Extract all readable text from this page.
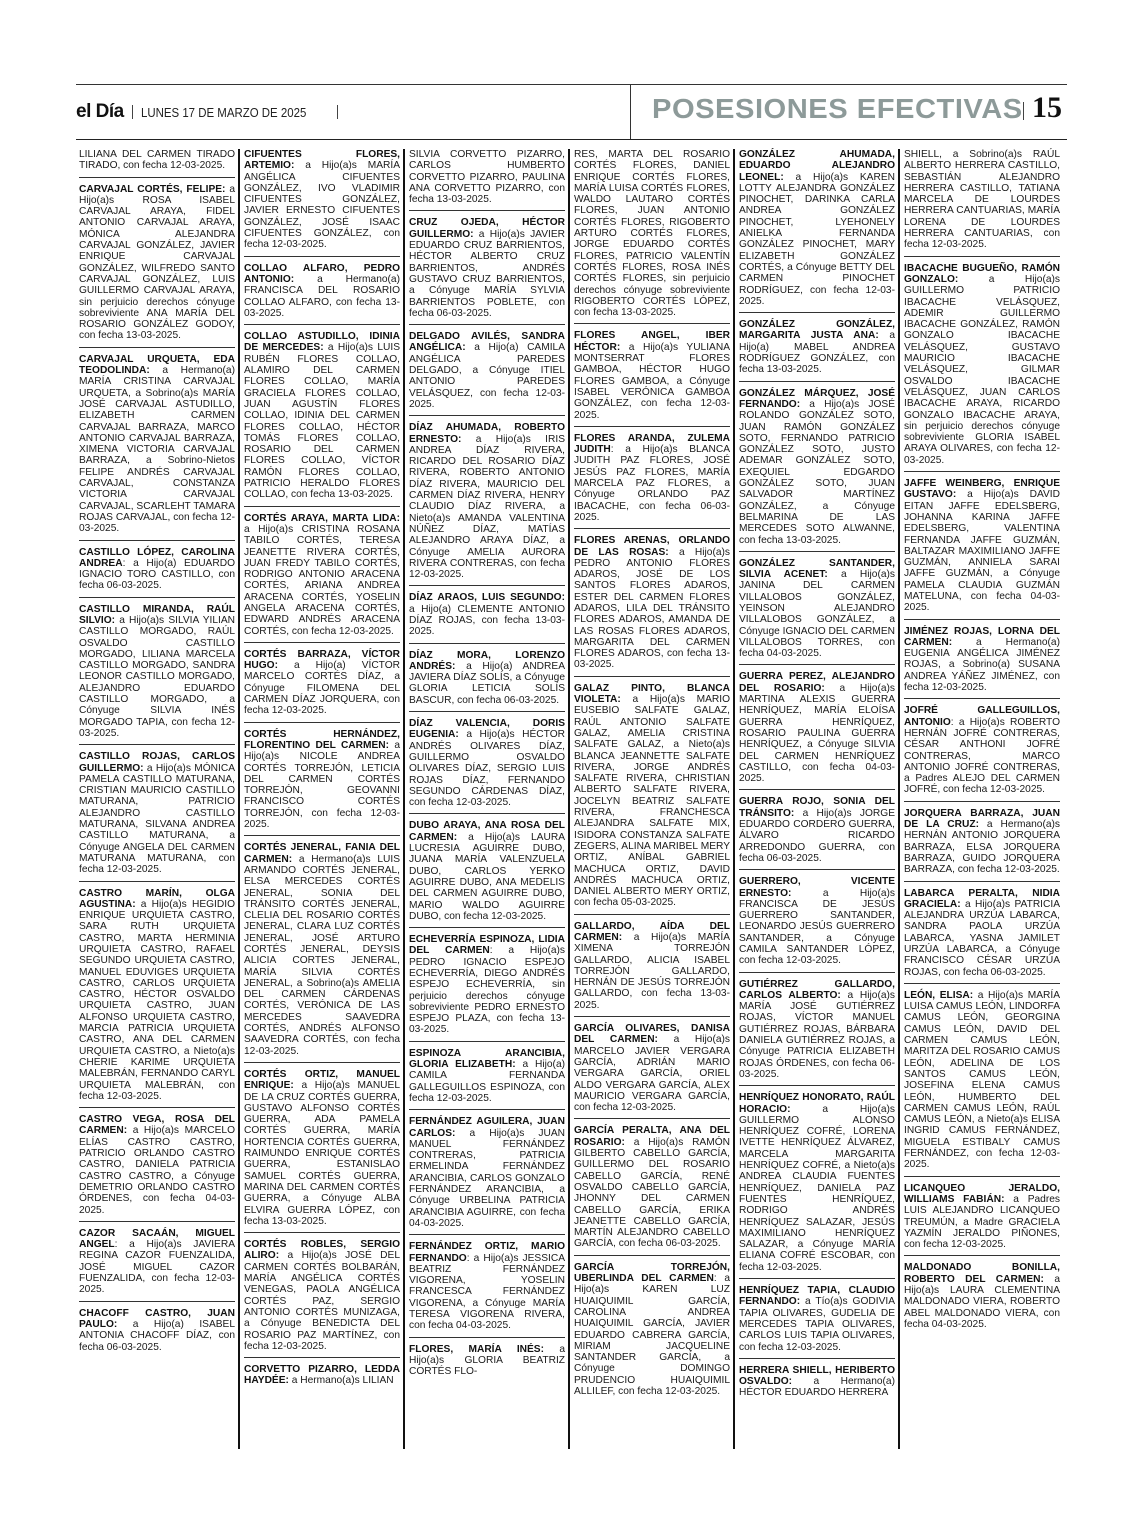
el Día LUNES 17 DE MARZO DE 2025	POSESIONES EFECTIVAS 15
LILIANA DEL CARMEN TIRADO TIRADO, con fecha 12-03-2025.
CARVAJAL CORTÉS, FELIPE: a Hijo(a)s ROSA ISABEL CARVAJAL ARAYA, FIDEL ANTONIO CARVAJAL ARAYA, MÓNICA ALEJANDRA CARVAJAL GONZÁLEZ, JAVIER ENRIQUE CARVAJAL GONZÁLEZ, WILFREDO SANTO CARVAJAL GONZÁLEZ, LUIS GUILLERMO CARVAJAL ARAYA, sin perjuicio derechos cónyuge sobreviviente ANA MARÍA DEL ROSARIO GONZÁLEZ GODOY, con fecha 13-03-2025.
CARVAJAL URQUETA, EDA TEODOLINDA: a Hermano(a) MARÍA CRISTINA CARVAJAL URQUETA, a Sobrino(a)s MARÍA JOSÉ CARVAJAL ASTUDILLO, ELIZABETH CARMEN CARVAJAL BARRAZA, MARCO ANTONIO CARVAJAL BARRAZA, XIMENA VICTORIA CARVAJAL BARRAZA, a Sobrino-Nietos FELIPE ANDRÉS CARVAJAL CARVAJAL, CONSTANZA VICTORIA CARVAJAL CARVAJAL, SCARLEHT TAMARA ROJAS CARVAJAL, con fecha 12-03-2025.
CASTILLO LÓPEZ, CAROLINA ANDREA: a Hijo(a) EDUARDO IGNACIO TORO CASTILLO, con fecha 06-03-2025.
CASTILLO MIRANDA, RAÚL SILVIO: a Hijo(a)s SILVIA YILIAN CASTILLO MORGADO, RAÚL OSVALDO CASTILLO MORGADO, LILIANA MARCELA CASTILLO MORGADO, SANDRA LEONOR CASTILLO MORGADO, ALEJANDRO EDUARDO CASTILLO MORGADO, a Cónyuge SILVIA INÉS MORGADO TAPIA, con fecha 12-03-2025.
CASTILLO ROJAS, CARLOS GUILLERMO: a Hijo(a)s MÓNICA PAMELA CASTILLO MATURANA, CRISTIAN MAURICIO CASTILLO MATURANA, PATRICIO ALEJANDRO CASTILLO MATURANA, SILVANA ANDREA CASTILLO MATURANA, a Cónyuge ANGELA DEL CARMEN MATURANA MATURANA, con fecha 12-03-2025.
CASTRO MARÍN, OLGA AGUSTINA: a Hijo(a)s HEGIDIO ENRIQUE URQUIETA CASTRO, SARA RUTH URQUIETA CASTRO, MARTA HERMINIA URQUIETA CASTRO, RAFAEL SEGUNDO URQUIETA CASTRO, MANUEL EDUVIGES URQUIETA CASTRO, CARLOS URQUIETA CASTRO, HÉCTOR OSVALDO URQUIETA CASTRO, JUAN ALFONSO URQUIETA CASTRO, MARCIA PATRICIA URQUIETA CASTRO, ANA DEL CARMEN URQUIETA CASTRO, a Nieto(a)s CHERIE KARIME URQUIETA MALEBRÁN, FERNANDO CARYL URQUIETA MALEBRÁN, con fecha 12-03-2025.
CASTRO VEGA, ROSA DEL CARMEN: a Hijo(a)s MARCELO ELÍAS CASTRO CASTRO, PATRICIO ORLANDO CASTRO CASTRO, DANIELA PATRICIA CASTRO CASTRO, a Cónyuge DEMETRIO ORLANDO CASTRO ÓRDENES, con fecha 04-03-2025.
CAZOR SACAÁN, MIGUEL ANGEL: a Hijo(a)s JAVIERA REGINA CAZOR FUENZALIDA, JOSÉ MIGUEL CAZOR FUENZALIDA, con fecha 12-03-2025.
CHACOFF CASTRO, JUAN PAULO: a Hijo(a) ISABEL ANTONIA CHACOFF DÍAZ, con fecha 06-03-2025.
CIFUENTES FLORES, ARTEMIO: a Hijo(a)s MARÍA ANGÉLICA CIFUENTES GONZÁLEZ, IVO VLADIMIR CIFUENTES GONZÁLEZ, JAVIER ERNESTO CIFUENTES GONZÁLEZ, JOSÉ ISAAC CIFUENTES GONZÁLEZ, con fecha 12-03-2025.
COLLAO ALFARO, PEDRO ANTONIO: a Hermano(a) FRANCISCA DEL ROSARIO COLLAO ALFARO, con fecha 13-03-2025.
COLLAO ASTUDILLO, IDINIA DE MERCEDES: a Hijo(a)s LUIS RUBÉN FLORES COLLAO, ALAMIRO DEL CARMEN FLORES COLLAO, MARÍA GRACIELA FLORES COLLAO, JUAN AGUSTÍN FLORES COLLAO, IDINIA DEL CARMEN FLORES COLLAO, HÉCTOR TOMÁS FLORES COLLAO, ROSARIO DEL CARMEN FLORES COLLAO, VÍCTOR RAMÓN FLORES COLLAO, PATRICIO HERALDO FLORES COLLAO, con fecha 13-03-2025.
CORTÉS ARAYA, MARTA LIDA: a Hijo(a)s CRISTINA ROSANA TABILO CORTÉS, TERESA JEANETTE RIVERA CORTÉS, JUAN FREDY TABILO CORTÉS, RODRIGO ANTONIO ARACENA CORTÉS, ARIANA ANDREA ARACENA CORTÉS, YOSELIN ANGELA ARACENA CORTÉS, EDWARD ANDRÉS ARACENA CORTÉS, con fecha 12-03-2025.
CORTÉS BARRAZA, VÍCTOR HUGO: a Hijo(a) VÍCTOR MARCELO CORTÉS DÍAZ, a Cónyuge FILOMENA DEL CARMEN DÍAZ JORQUERA, con fecha 12-03-2025.
CORTÉS HERNÁNDEZ, FLORENTINO DEL CARMEN: a Hijo(a)s NICOLE ANDREA CORTÉS TORREJÓN, LETICIA DEL CARMEN CORTÉS TORREJÓN, GEOVANNI FRANCISCO CORTÉS TORREJÓN, con fecha 12-03-2025.
CORTÉS JENERAL, FANIA DEL CARMEN: a Hermano(a)s LUIS ARMANDO CORTÉS JENERAL, ELSA MERCEDES CORTÉS JENERAL, SONIA DEL TRÁNSITO CORTÉS JENERAL, CLELIA DEL ROSARIO CORTÉS JENERAL, CLARA LUZ CORTÉS JENERAL, JOSÉ ARTURO CORTÉS JENERAL, DEYSIS ALICIA CORTES JENERAL, MARÍA SILVIA CORTÉS JENERAL, a Sobrino(a)s AMELIA DEL CARMEN CÁRDENAS CORTÉS, VERÓNICA DE LAS MERCEDES SAAVEDRA CORTÉS, ANDRÉS ALFONSO SAAVEDRA CORTÉS, con fecha 12-03-2025.
CORTÉS ORTIZ, MANUEL ENRIQUE: a Hijo(a)s MANUEL DE LA CRUZ CORTÉS GUERRA, GUSTAVO ALFONSO CORTÉS GUERRA, ADA PAMELA CORTÉS GUERRA, MARÍA HORTENCIA CORTÉS GUERRA, RAIMUNDO ENRIQUE CORTÉS GUERRA, ESTANISLAO SAMUEL CORTÉS GUERRA, MARINA DEL CARMEN CORTÉS GUERRA, a Cónyuge ALBA ELVIRA GUERRA LÓPEZ, con fecha 13-03-2025.
CORTÉS ROBLES, SERGIO ALIRO: a Hijo(a)s JOSÉ DEL CARMEN CORTÉS BOLBARÁN, MARÍA ANGÉLICA CORTÉS VENEGAS, PAOLA ANGÉLICA CORTÉS PAZ, SERGIO ANTONIO CORTÉS MUNIZAGA, a Cónyuge BENEDICTA DEL ROSARIO PAZ MARTÍNEZ, con fecha 12-03-2025.
CORVETTO PIZARRO, LEDDA HAYDÉE: a Hermano(a)s LILIAN
SILVIA CORVETTO PIZARRO, CARLOS HUMBERTO CORVETTO PIZARRO, PAULINA ANA CORVETTO PIZARRO, con fecha 13-03-2025.
CRUZ OJEDA, HÉCTOR GUILLERMO: a Hijo(a)s JAVIER EDUARDO CRUZ BARRIENTOS, HÉCTOR ALBERTO CRUZ BARRIENTOS, ANDRÉS GUSTAVO CRUZ BARRIENTOS, a Cónyuge MARÍA SYLVIA BARRIENTOS POBLETE, con fecha 06-03-2025.
DELGADO AVILÉS, SANDRA ANGÉLICA: a Hijo(a) CAMILA ANGÉLICA PAREDES DELGADO, a Cónyuge ITIEL ANTONIO PAREDES VELÁSQUEZ, con fecha 12-03-2025.
DÍAZ AHUMADA, ROBERTO ERNESTO: a Hijo(a)s IRIS ANDREA DÍAZ RIVERA, RICARDO DEL ROSARIO DÍAZ RIVERA, ROBERTO ANTONIO DÍAZ RIVERA, MAURICIO DEL CARMEN DÍAZ RIVERA, HENRY CLAUDIO DÍAZ RIVERA, a Nieto(a)s AMANDA VALENTINA NÚÑEZ DÍAZ, MATÍAS ALEJANDRO ARAYA DÍAZ, a Cónyuge AMELIA AURORA RIVERA CONTRERAS, con fecha 12-03-2025.
DÍAZ ARAOS, LUIS SEGUNDO: a Hijo(a) CLEMENTE ANTONIO DÍAZ ROJAS, con fecha 13-03-2025.
DÍAZ MORA, LORENZO ANDRÉS: a Hijo(a) ANDREA JAVIERA DÍAZ SOLÍS, a Cónyuge GLORIA LETICIA SOLÍS BASCUR, con fecha 06-03-2025.
DÍAZ VALENCIA, DORIS EUGENIA: a Hijo(a)s HÉCTOR ANDRÉS OLIVARES DÍAZ, GUILLERMO OSVALDO OLIVARES DÍAZ, SERGIO LUIS ROJAS DÍAZ, FERNANDO SEGUNDO CÁRDENAS DÍAZ, con fecha 12-03-2025.
DUBO ARAYA, ANA ROSA DEL CARMEN: a Hijo(a)s LAURA LUCRESIA AGUIRRE DUBO, JUANA MARÍA VALENZUELA DUBO, CARLOS YERKO AGUIRRE DUBO, ANA MEDELIS DEL CARMEN AGUIRRE DUBO, MARIO WALDO AGUIRRE DUBO, con fecha 12-03-2025.
ECHEVERRÍA ESPINOZA, LIDIA DEL CARMEN: a Hijo(a)s PEDRO IGNACIO ESPEJO ECHEVERRÍA, DIEGO ANDRÉS ESPEJO ECHEVERRÍA, sin perjuicio derechos cónyuge sobreviviente PEDRO ERNESTO ESPEJO PLAZA, con fecha 13-03-2025.
ESPINOZA ARANCIBIA, GLORIA ELIZABETH: a Hijo(a) CAMILA FERNANDA GALLEGUILLOS ESPINOZA, con fecha 12-03-2025.
FERNÁNDEZ AGUILERA, JUAN CARLOS: a Hijo(a)s JUAN MANUEL FERNÁNDEZ CONTRERAS, PATRICIA ERMELINDA FERNÁNDEZ ARANCIBIA, CARLOS GONZALO FERNÁNDEZ ARANCIBIA, a Cónyuge URBELINA PATRICIA ARANCIBIA AGUIRRE, con fecha 04-03-2025.
FERNÁNDEZ ORTIZ, MARIO FERNANDO: a Hijo(a)s JESSICA BEATRIZ FERNÁNDEZ VIGORENA, YOSELIN FRANCESCA FERNÁNDEZ VIGORENA, a Cónyuge MARÍA TERESA VIGORENA RIVERA, con fecha 04-03-2025.
FLORES, MARÍA INÉS: a Hijo(a)s GLORIA BEATRIZ CORTÉS FLO-
RES, MARTA DEL ROSARIO CORTÉS FLORES, DANIEL ENRIQUE CORTÉS FLORES, MARÍA LUISA CORTÉS FLORES, WALDO LAUTARO CORTÉS FLORES, JUAN ANTONIO CORTÉS FLORES, RIGOBERTO ARTURO CORTÉS FLORES, JORGE EDUARDO CORTÉS FLORES, PATRICIO VALENTÍN CORTÉS FLORES, ROSA INÉS CORTÉS FLORES, sin perjuicio derechos cónyuge sobreviviente RIGOBERTO CORTÉS LÓPEZ, con fecha 13-03-2025.
FLORES ANGEL, IBER HÉCTOR: a Hijo(a)s YULIANA MONTSERRAT FLORES GAMBOA, HÉCTOR HUGO FLORES GAMBOA, a Cónyuge ISABEL VERÓNICA GAMBOA GONZÁLEZ, con fecha 12-03-2025.
FLORES ARANDA, ZULEMA JUDITH: a Hijo(a)s BLANCA JUDITH PAZ FLORES, JOSÉ JESÚS PAZ FLORES, MARÍA MARCELA PAZ FLORES, a Cónyuge ORLANDO PAZ IBACACHE, con fecha 06-03-2025.
FLORES ARENAS, ORLANDO DE LAS ROSAS: a Hijo(a)s PEDRO ANTONIO FLORES ADAROS, JOSÉ DE LOS SANTOS FLORES ADAROS, ESTER DEL CARMEN FLORES ADAROS, LILA DEL TRÁNSITO FLORES ADAROS, AMANDA DE LAS ROSAS FLORES ADAROS, MARGARITA DEL CARMEN FLORES ADAROS, con fecha 13-03-2025.
GALAZ PINTO, BLANCA VIOLETA: a Hijo(a)s MARIO EUSEBIO SALFATE GALAZ, RAÚL ANTONIO SALFATE GALAZ, AMELIA CRISTINA SALFATE GALAZ, a Nieto(a)s BLANCA JEANNETTE SALFATE RIVERA, JORGE ANDRÉS SALFATE RIVERA, CHRISTIAN ALBERTO SALFATE RIVERA, JOCELYN BEATRIZ SALFATE RIVERA, FRANCHESCA ALEJANDRA SALFATE MIX, ISIDORA CONSTANZA SALFATE ZEGERS, ALINA MARIBEL MERY ORTIZ, ANÍBAL GABRIEL MACHUCA ORTIZ, DAVID ANDRÉS MACHUCA ORTIZ, DANIEL ALBERTO MERY ORTIZ, con fecha 05-03-2025.
GALLARDO, AÍDA DEL CARMEN: a Hijo(a)s MARÍA XIMENA TORREJÓN GALLARDO, ALICIA ISABEL TORREJÓN GALLARDO, HERNÁN DE JESÚS TORREJÓN GALLARDO, con fecha 13-03-2025.
GARCÍA OLIVARES, DANISA DEL CARMEN: a Hijo(a)s MARCELO JAVIER VERGARA GARCÍA, ADRIÁN MARIO VERGARA GARCÍA, ORIEL ALDO VERGARA GARCÍA, ALEX MAURICIO VERGARA GARCÍA, con fecha 12-03-2025.
GARCÍA PERALTA, ANA DEL ROSARIO: a Hijo(a)s RAMÓN GILBERTO CABELLO GARCÍA, GUILLERMO DEL ROSARIO CABELLO GARCÍA, RENÉ OSVALDO CABELLO GARCÍA, JHONNY DEL CARMEN CABELLO GARCÍA, ERIKA JEANETTE CABELLO GARCÍA, MARTÍN ALEJANDRO CABELLO GARCÍA, con fecha 06-03-2025.
GARCÍA TORREJÓN, UBERLINDA DEL CARMEN: a Hijo(a)s KAREN LUZ HUAIQUIMIL GARCÍA, CAROLINA ANDREA HUAIQUIMIL GARCÍA, JAVIER EDUARDO CABRERA GARCÍA, MIRIAM JACQUELINE SANTANDER GARCÍA, a Cónyuge DOMINGO PRUDENCIO HUAIQUIMIL ALLILEF, con fecha 12-03-2025.
GONZÁLEZ AHUMADA, EDUARDO ALEJANDRO LEONEL: a Hijo(a)s KAREN LOTTY ALEJANDRA GONZÁLEZ PINOCHET, DARINKA CARLA ANDREA GONZÁLEZ PINOCHET, LYEHONELY ANIELKA FERNANDA GONZÁLEZ PINOCHET, MARY ELIZABETH GONZÁLEZ CORTÉS, a Cónyuge BETTY DEL CARMEN PINOCHET RODRÍGUEZ, con fecha 12-03-2025.
GONZÁLEZ GONZÁLEZ, MARGARITA JUSTA ANA: a Hijo(a) MABEL ANDREA RODRÍGUEZ GONZÁLEZ, con fecha 13-03-2025.
GONZÁLEZ MÁRQUEZ, JOSÉ FERNANDO: a Hijo(a)s JOSÉ ROLANDO GONZÁLEZ SOTO, JUAN RAMÓN GONZÁLEZ SOTO, FERNANDO PATRICIO GONZÁLEZ SOTO, JUSTO ADEMAR GONZÁLEZ SOTO, EXEQUIEL EDGARDO GONZÁLEZ SOTO, JUAN SALVADOR MARTÍNEZ GONZÁLEZ, a Cónyuge BELMARINA DE LAS MERCEDES SOTO ALWANNE, con fecha 13-03-2025.
GONZÁLEZ SANTANDER, SILVIA ACENET: a Hijo(a)s JANINA DEL CARMEN VILLALOBOS GONZÁLEZ, YEINSON ALEJANDRO VILLALOBOS GONZÁLEZ, a Cónyuge IGNACIO DEL CARMEN VILLALOBOS TORRES, con fecha 04-03-2025.
GUERRA PEREZ, ALEJANDRO DEL ROSARIO: a Hijo(a)s MARTINA ALEXIS GUERRA HENRÍQUEZ, MARÍA ELOÍSA GUERRA HENRÍQUEZ, ROSARIO PAULINA GUERRA HENRÍQUEZ, a Cónyuge SILVIA DEL CARMEN HENRÍQUEZ CASTILLO, con fecha 04-03-2025.
GUERRA ROJO, SONIA DEL TRÁNSITO: a Hijo(a)s JORGE EDUARDO CORDERO GUERRA, ÁLVARO RICARDO ARREDONDO GUERRA, con fecha 06-03-2025.
GUERRERO, VICENTE ERNESTO: a Hijo(a)s FRANCISCA DE JESÚS GUERRERO SANTANDER, LEONARDO JESÚS GUERRERO SANTANDER, a Cónyuge CAMILA SANTANDER LÓPEZ, con fecha 12-03-2025.
GUTIÉRREZ GALLARDO, CARLOS ALBERTO: a Hijo(a)s MARÍA JOSÉ GUTIÉRREZ ROJAS, VÍCTOR MANUEL GUTIÉRREZ ROJAS, BÁRBARA DANIELA GUTIÉRREZ ROJAS, a Cónyuge PATRICIA ELIZABETH ROJAS ÓRDENES, con fecha 06-03-2025.
HENRÍQUEZ HONORATO, RAÚL HORACIO: a Hijo(a)s GUILLERMO ALONSO HENRÍQUEZ COFRÉ, LORENA IVETTE HENRÍQUEZ ÁLVAREZ, MARCELA MARGARITA HENRÍQUEZ COFRÉ, a Nieto(a)s ANDREA CLAUDIA FUENTES HENRÍQUEZ, DANIELA PAZ FUENTES HENRÍQUEZ, RODRIGO ANDRÉS HENRÍQUEZ SALAZAR, JESÚS MAXIMILIANO HENRÍQUEZ SALAZAR, a Cónyuge MARÍA ELIANA COFRÉ ESCOBAR, con fecha 12-03-2025.
HENRÍQUEZ TAPIA, CLAUDIO FERNANDO: a Tío(a)s GODIVIA TAPIA OLIVARES, GUDELIA DE MERCEDES TAPIA OLIVARES, CARLOS LUIS TAPIA OLIVARES, con fecha 12-03-2025.
HERRERA SHIELL, HERIBERTO OSVALDO: a Hermano(a) HÉCTOR EDUARDO HERRERA
SHIELL, a Sobrino(a)s RAÚL ALBERTO HERRERA CASTILLO, SEBASTIÁN ALEJANDRO HERRERA CASTILLO, TATIANA MARCELA DE LOURDES HERRERA CANTUARIAS, MARÍA LORENA DE LOURDES HERRERA CANTUARIAS, con fecha 12-03-2025.
IBACACHE BUGUEÑO, RAMÓN GONZALO: a Hijo(a)s GUILLERMO PATRICIO IBACACHE VELÁSQUEZ, ADEMIR GUILLERMO IBACACHE GONZÁLEZ, RAMÓN GONZALO IBACACHE VELÁSQUEZ, GUSTAVO MAURICIO IBACACHE VELÁSQUEZ, GILMAR OSVALDO IBACACHE VELÁSQUEZ, JUAN CARLOS IBACACHE ARAYA, RICARDO GONZALO IBACACHE ARAYA, sin perjuicio derechos cónyuge sobreviviente GLORIA ISABEL ARAYA OLIVARES, con fecha 12-03-2025.
JAFFE WEINBERG, ENRIQUE GUSTAVO: a Hijo(a)s DAVID EITAN JAFFE EDELSBERG, JOHANNA KARINA JAFFE EDELSBERG, VALENTINA FERNANDA JAFFE GUZMÁN, BALTAZAR MAXIMILIANO JAFFE GUZMÁN, ANNIELA SARAI JAFFE GUZMÁN, a Cónyuge PAMELA CLAUDIA GUZMÁN MATELUNA, con fecha 04-03-2025.
JIMÉNEZ ROJAS, LORNA DEL CARMEN: a Hermano(a) EUGENIA ANGÉLICA JIMÉNEZ ROJAS, a Sobrino(a) SUSANA ANDREA YÁÑEZ JIMÉNEZ, con fecha 12-03-2025.
JOFRÉ GALLEGUILLOS, ANTONIO: a Hijo(a)s ROBERTO HERNÁN JOFRÉ CONTRERAS, CÉSAR ANTHONI JOFRÉ CONTRERAS, MARCO ANTONIO JOFRÉ CONTRERAS, a Padres ALEJO DEL CARMEN JOFRÉ, con fecha 12-03-2025.
JORQUERA BARRAZA, JUAN DE LA CRUZ: a Hermano(a)s HERNÁN ANTONIO JORQUERA BARRAZA, ELSA JORQUERA BARRAZA, GUIDO JORQUERA BARRAZA, con fecha 12-03-2025.
LABARCA PERALTA, NIDIA GRACIELA: a Hijo(a)s PATRICIA ALEJANDRA URZÚA LABARCA, SANDRA PAOLA URZÚA LABARCA, YASNA JAMILET URZÚA LABARCA, a Cónyuge FRANCISCO CÉSAR URZÚA ROJAS, con fecha 06-03-2025.
LEÓN, ELISA: a Hijo(a)s MARÍA LUISA CAMUS LEÓN, LINDORFA CAMUS LEÓN, GEORGINA CAMUS LEÓN, DAVID DEL CARMEN CAMUS LEÓN, MARITZA DEL ROSARIO CAMUS LEÓN, ADELINA DE LOS SANTOS CAMUS LEÓN, JOSEFINA ELENA CAMUS LEÓN, HUMBERTO DEL CARMEN CAMUS LEÓN, RAÚL CAMUS LEÓN, a Nieto(a)s ELISA INGRID CAMUS FERNÁNDEZ, MIGUELA ESTIBALY CAMUS FERNÁNDEZ, con fecha 12-03-2025.
LICANQUEO JERALDO, WILLIAMS FABIÁN: a Padres LUIS ALEJANDRO LICANQUEO TREUMÚN, a Madre GRACIELA YAZMÍN JERALDO PIÑONES, con fecha 12-03-2025.
MALDONADO BONILLA, ROBERTO DEL CARMEN: a Hijo(a)s LAURA CLEMENTINA MALDONADO VIERA, ROBERTO ABEL MALDONADO VIERA, con fecha 04-03-2025.
